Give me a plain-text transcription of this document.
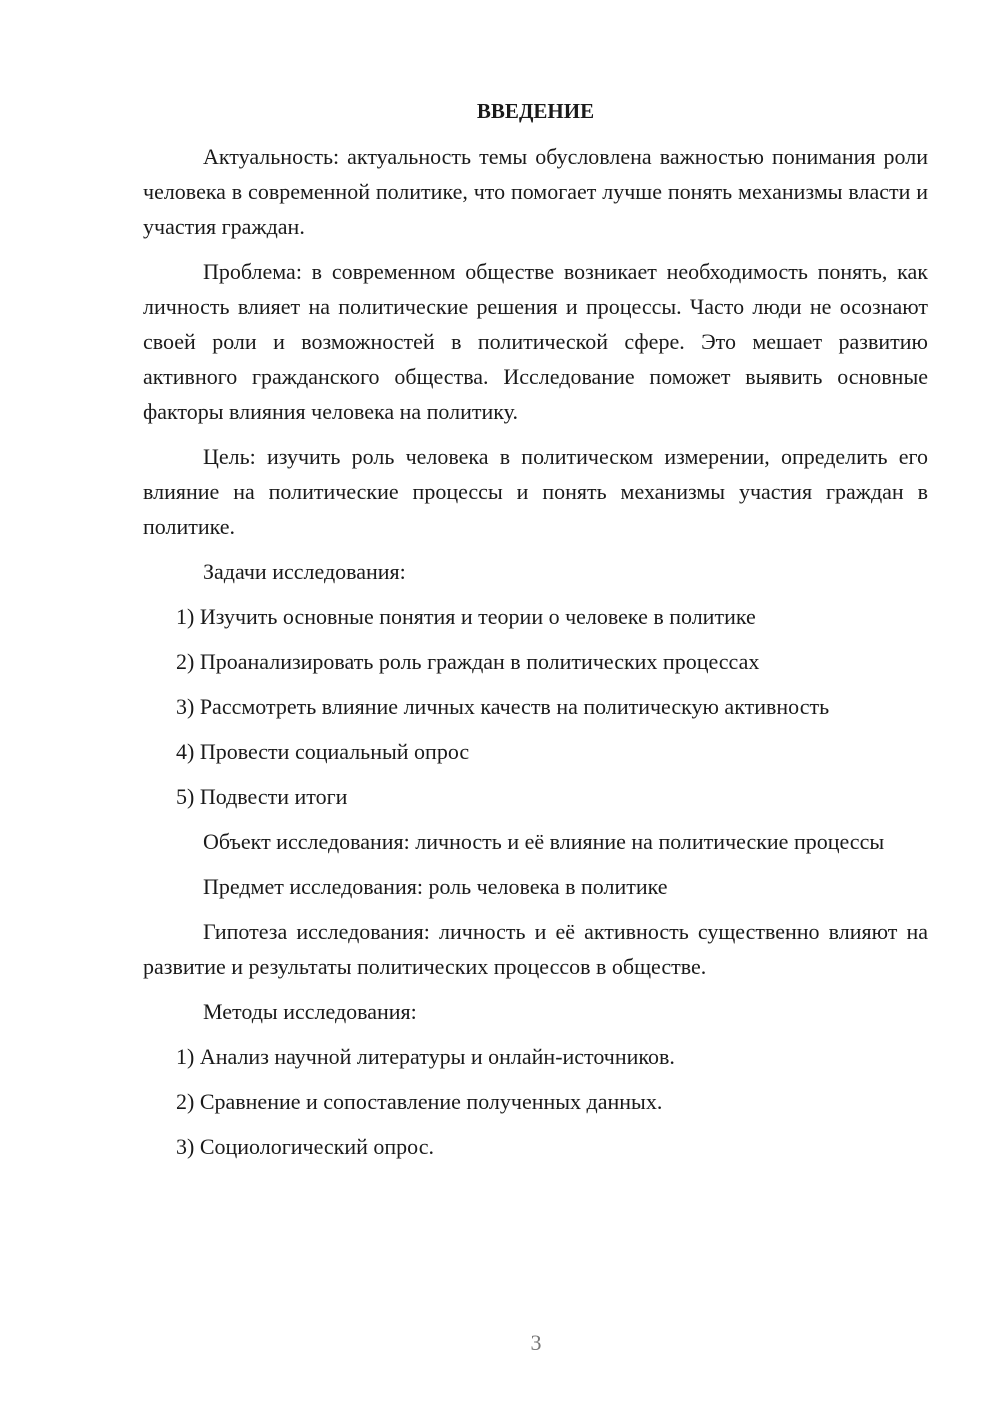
ВВЕДЕНИЕ
Актуальность: актуальность темы обусловлена важностью понимания роли человека в современной политике, что помогает лучше понять механизмы власти и участия граждан.
Проблема: в современном обществе возникает необходимость понять, как личность влияет на политические решения и процессы. Часто люди не осознают своей роли и возможностей в политической сфере. Это мешает развитию активного гражданского общества. Исследование поможет выявить основные факторы влияния человека на политику.
Цель: изучить роль человека в политическом измерении, определить его влияние на политические процессы и понять механизмы участия граждан в политике.
Задачи исследования:
1) Изучить основные понятия и теории о человеке в политике
2) Проанализировать роль граждан в политических процессах
3) Рассмотреть влияние личных качеств на политическую активность
4) Провести социальный опрос
5) Подвести итоги
Объект исследования: личность и её влияние на политические процессы
Предмет исследования: роль человека в политике
Гипотеза исследования: личность и её активность существенно влияют на развитие и результаты политических процессов в обществе.
Методы исследования:
1) Анализ научной литературы и онлайн-источников.
2) Сравнение и сопоставление полученных данных.
3) Социологический опрос.
3
